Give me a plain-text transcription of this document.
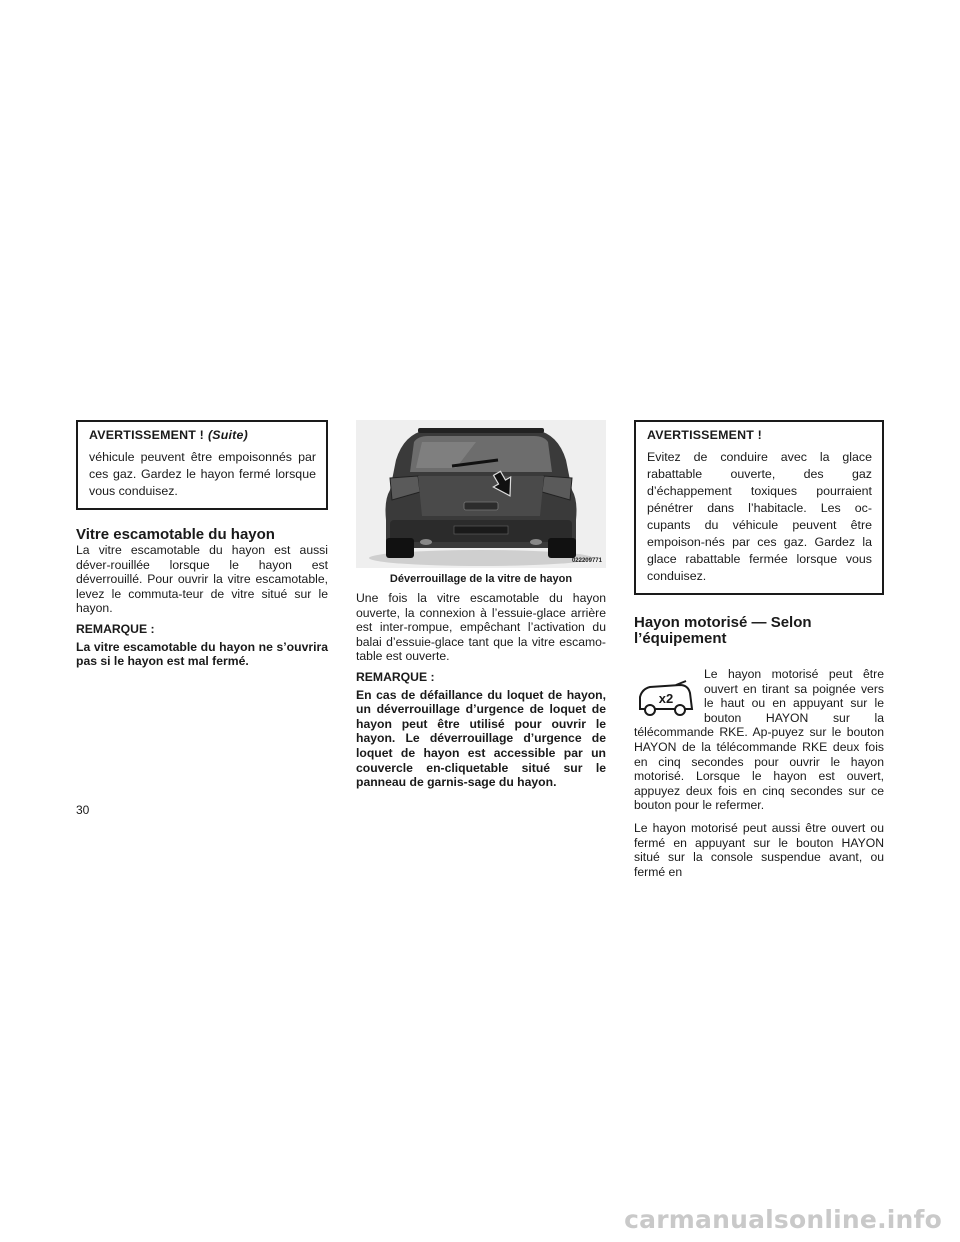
AVERTISSEMENT ! (Suite)

véhicule peuvent être empoisonnés par ces gaz. Gardez le hayon fermé lorsque vous conduisez.

Vitre escamotable du hayon

La vitre escamotable du hayon est aussi déver-rouillée lorsque le hayon est déverrouillé. Pour ouvrir la vitre escamotable, levez le commuta-teur de vitre situé sur le hayon.

REMARQUE :

La vitre escamotable du hayon ne s’ouvrira pas si le hayon est mal fermé.

022209771
Déverrouillage de la vitre de hayon

Une fois la vitre escamotable du hayon ouverte, la connexion à l’essuie-glace arrière est inter-rompue, empêchant l’activation du balai d’essuie-glace tant que la vitre escamo-table est ouverte.

REMARQUE :

En cas de défaillance du loquet de hayon, un déverrouillage d’urgence de loquet de hayon peut être utilisé pour ouvrir le hayon. Le déverrouillage d’urgence de loquet de hayon est accessible par un couvercle en-cliquetable situé sur le panneau de garnis-sage du hayon.

AVERTISSEMENT !

Evitez de conduire avec la glace rabattable ouverte, des gaz d’échappement toxiques pourraient pénétrer dans l’habitacle. Les oc-cupants du véhicule peuvent être empoison-nés par ces gaz. Gardez la glace rabattable fermée lorsque vous conduisez.

Hayon motorisé — Selon l’équipement
x2

Le hayon motorisé peut être ouvert en tirant sa poignée vers le haut ou en appuyant sur le bouton HAYON sur la télécommande RKE. Ap-puyez sur le bouton HAYON de la télécommande RKE deux fois en cinq secondes pour ouvrir le hayon motorisé. Lorsque le hayon est ouvert, appuyez deux fois en cinq secondes sur ce bouton pour le refermer.

Le hayon motorisé peut aussi être ouvert ou fermé en appuyant sur le bouton HAYON situé sur la console suspendue avant, ou fermé en

30
carmanualsonline.info
